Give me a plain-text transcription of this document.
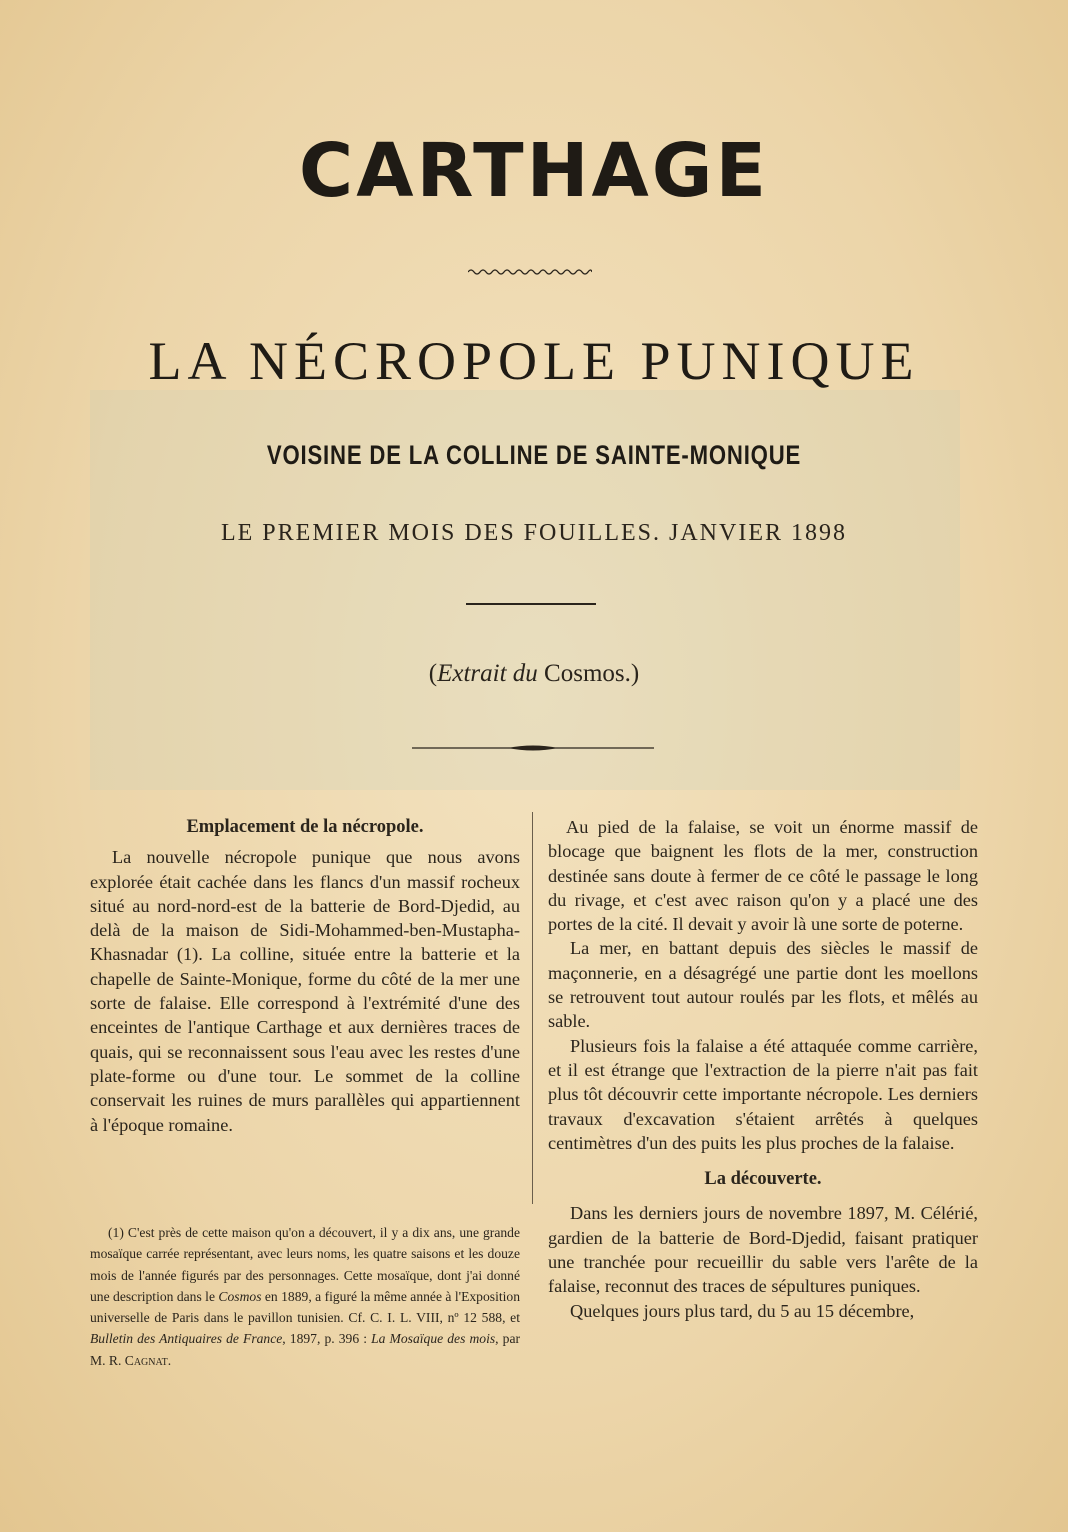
CARTHAGE
LA NÉCROPOLE PUNIQUE
VOISINE DE LA COLLINE DE SAINTE-MONIQUE
LE PREMIER MOIS DES FOUILLES. JANVIER 1898
(Extrait du Cosmos.)
Emplacement de la nécropole.

La nouvelle nécropole punique que nous avons explorée était cachée dans les flancs d'un massif rocheux situé au nord-nord-est de la batterie de Bord-Djedid, au delà de la maison de Sidi-Mohammed-ben-Mustapha-Khasnadar (1). La colline, située entre la batterie et la chapelle de Sainte-Monique, forme du côté de la mer une sorte de falaise. Elle correspond à l'extrémité d'une des enceintes de l'antique Carthage et aux dernières traces de quais, qui se reconnaissent sous l'eau avec les restes d'une plate-forme ou d'une tour. Le sommet de la colline conservait les ruines de murs parallèles qui appartiennent à l'époque romaine.

(1) C'est près de cette maison qu'on a découvert, il y a dix ans, une grande mosaïque carrée représentant, avec leurs noms, les quatre saisons et les douze mois de l'année figurés par des personnages. Cette mosaïque, dont j'ai donné une description dans le Cosmos en 1889, a figuré la même année à l'Exposition universelle de Paris dans le pavillon tunisien. Cf. C. I. L. VIII, nº 12 588, et Bulletin des Antiquaires de France, 1897, p. 396 : La Mosaïque des mois, par M. R. Cagnat.

Au pied de la falaise, se voit un énorme massif de blocage que baignent les flots de la mer, construction destinée sans doute à fermer de ce côté le passage le long du rivage, et c'est avec raison qu'on y a placé une des portes de la cité. Il devait y avoir là une sorte de poterne.

La mer, en battant depuis des siècles le massif de maçonnerie, en a désagrégé une partie dont les moellons se retrouvent tout autour roulés par les flots, et mêlés au sable.

Plusieurs fois la falaise a été attaquée comme carrière, et il est étrange que l'extraction de la pierre n'ait pas fait plus tôt découvrir cette importante nécropole. Les derniers travaux d'excavation s'étaient arrêtés à quelques centimètres d'un des puits les plus proches de la falaise.

La découverte.

Dans les derniers jours de novembre 1897, M. Célérié, gardien de la batterie de Bord-Djedid, faisant pratiquer une tranchée pour recueillir du sable vers l'arête de la falaise, reconnut des traces de sépultures puniques.

Quelques jours plus tard, du 5 au 15 décembre,
